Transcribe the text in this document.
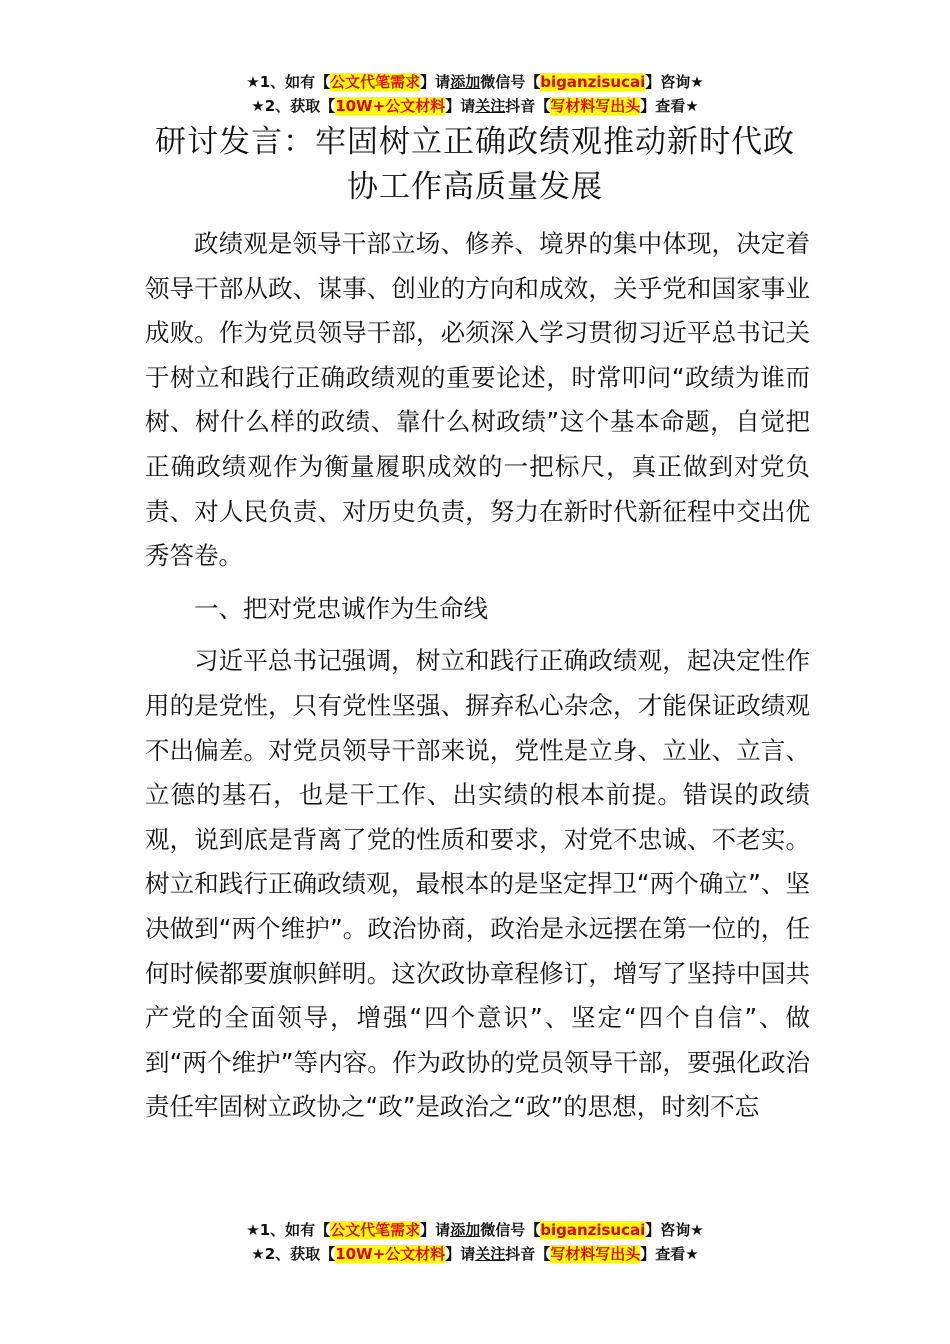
★1、如有【公文代笔需求】请添加微信号【biganzisucai】咨询★
★2、获取【10W+公文材料】请关注抖音【写材料写出头】查看★
研讨发言：牢固树立正确政绩观推动新时代政协工作高质量发展

政绩观是领导干部立场、修养、境界的集中体现，决定着领导干部从政、谋事、创业的方向和成效，关乎党和国家事业成败。作为党员领导干部，必须深入学习贯彻习近平总书记关于树立和践行正确政绩观的重要论述，时常叩问“政绩为谁而树、树什么样的政绩、靠什么树政绩”这个基本命题，自觉把正确政绩观作为衡量履职成效的一把标尺，真正做到对党负责、对人民负责、对历史负责，努力在新时代新征程中交出优秀答卷。

一、把对党忠诚作为生命线

习近平总书记强调，树立和践行正确政绩观，起决定性作用的是党性，只有党性坚强、摒弃私心杂念，才能保证政绩观不出偏差。对党员领导干部来说，党性是立身、立业、立言、立德的基石，也是干工作、出实绩的根本前提。错误的政绩观，说到底是背离了党的性质和要求，对党不忠诚、不老实。树立和践行正确政绩观，最根本的是坚定捍卫“两个确立”、坚决做到“两个维护”。政治协商，政治是永远摆在第一位的，任何时候都要旗帜鲜明。这次政协章程修订，增写了坚持中国共产党的全面领导，增强“四个意识”、坚定“四个自信”、做到“两个维护”等内容。作为政协的党员领导干部，要强化政治责任牢固树立政协之“政”是政治之“政”的思想，时刻不忘

★1、如有【公文代笔需求】请添加微信号【biganzisucai】咨询★
★2、获取【10W+公文材料】请关注抖音【写材料写出头】查看★
